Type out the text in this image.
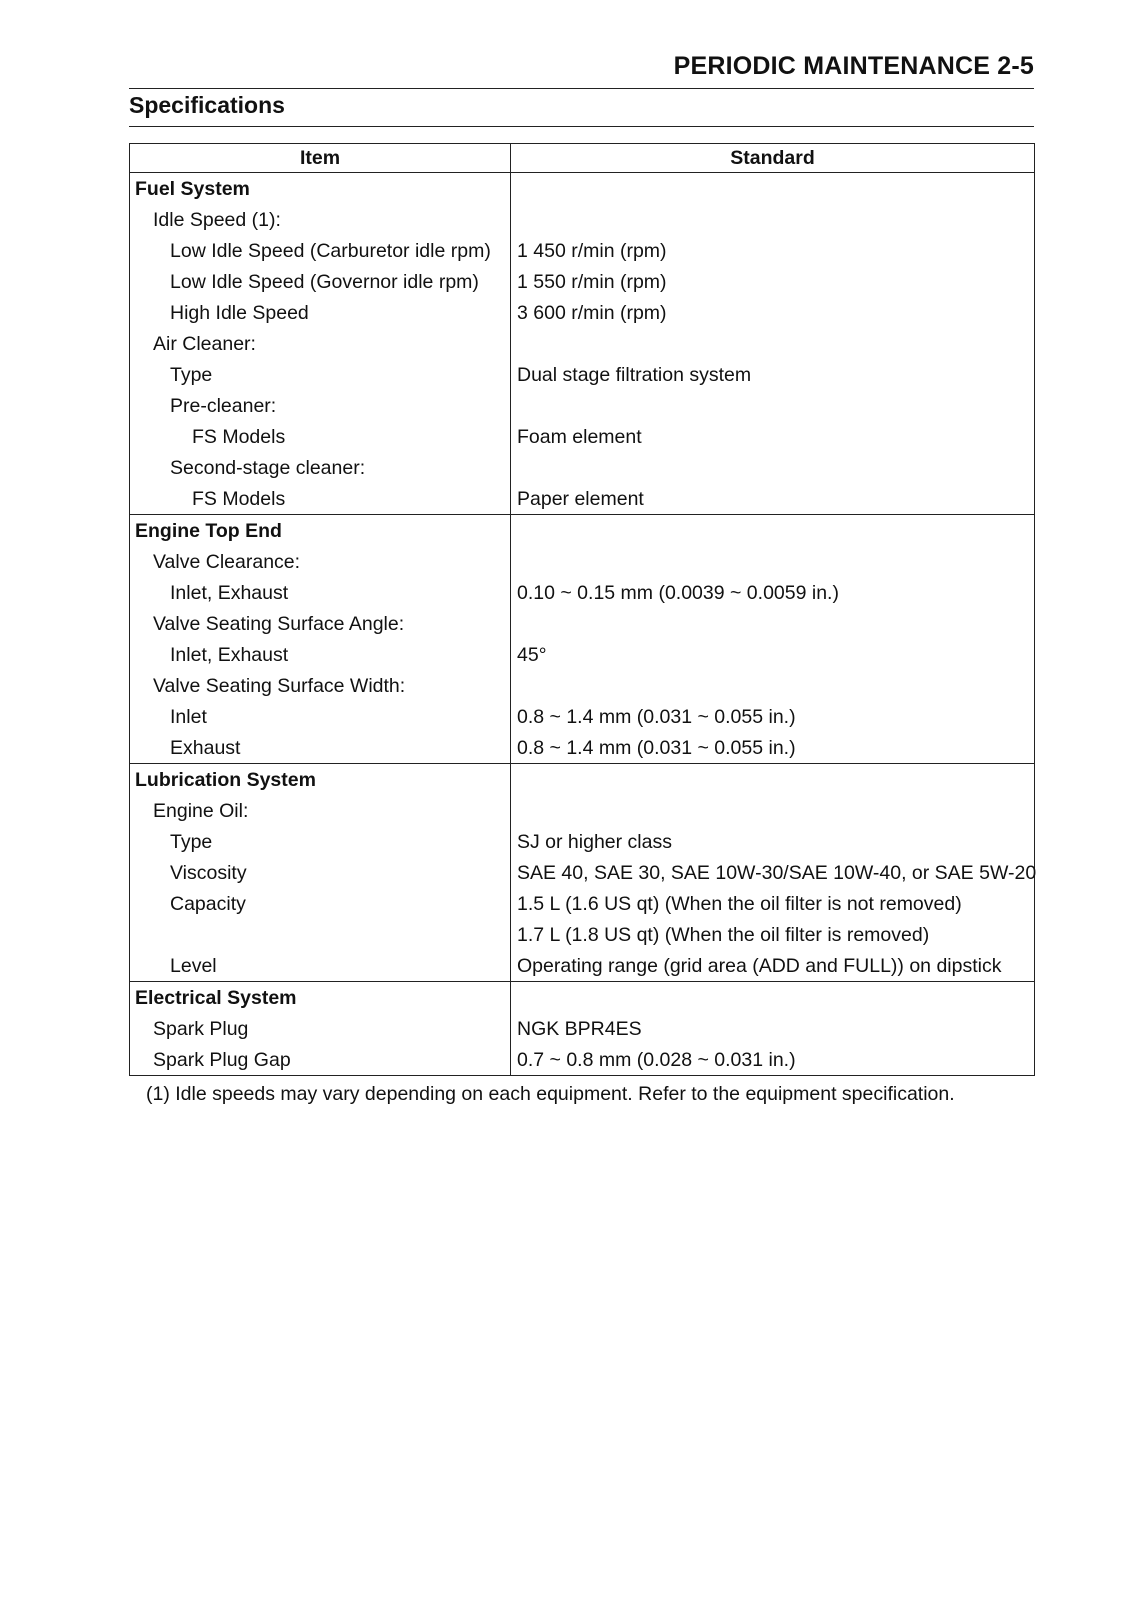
PERIODIC MAINTENANCE 2-5
Specifications
Item	Standard
Fuel System	
Idle Speed (1):	
Low Idle Speed (Carburetor idle rpm)	1 450 r/min (rpm)
Low Idle Speed (Governor idle rpm)	1 550 r/min (rpm)
High Idle Speed	3 600 r/min (rpm)
Air Cleaner:	
Type	Dual stage filtration system
Pre-cleaner:	
FS Models	Foam element
Second-stage cleaner:	
FS Models	Paper element
Engine Top End	
Valve Clearance:	
Inlet, Exhaust	0.10 ~ 0.15 mm (0.0039 ~ 0.0059 in.)
Valve Seating Surface Angle:	
Inlet, Exhaust	45°
Valve Seating Surface Width:	
Inlet	0.8 ~ 1.4 mm (0.031 ~ 0.055 in.)
Exhaust	0.8 ~ 1.4 mm (0.031 ~ 0.055 in.)
Lubrication System	
Engine Oil:	
Type	SJ or higher class
Viscosity	SAE 40, SAE 30, SAE 10W-30/SAE 10W-40, or SAE 5W-20
Capacity	1.5 L (1.6 US qt) (When the oil filter is not removed)
	1.7 L (1.8 US qt) (When the oil filter is removed)
Level	Operating range (grid area (ADD and FULL)) on dipstick
Electrical System	
Spark Plug	NGK BPR4ES
Spark Plug Gap	0.7 ~ 0.8 mm (0.028 ~ 0.031 in.)
(1) Idle speeds may vary depending on each equipment. Refer to the equipment specification.
